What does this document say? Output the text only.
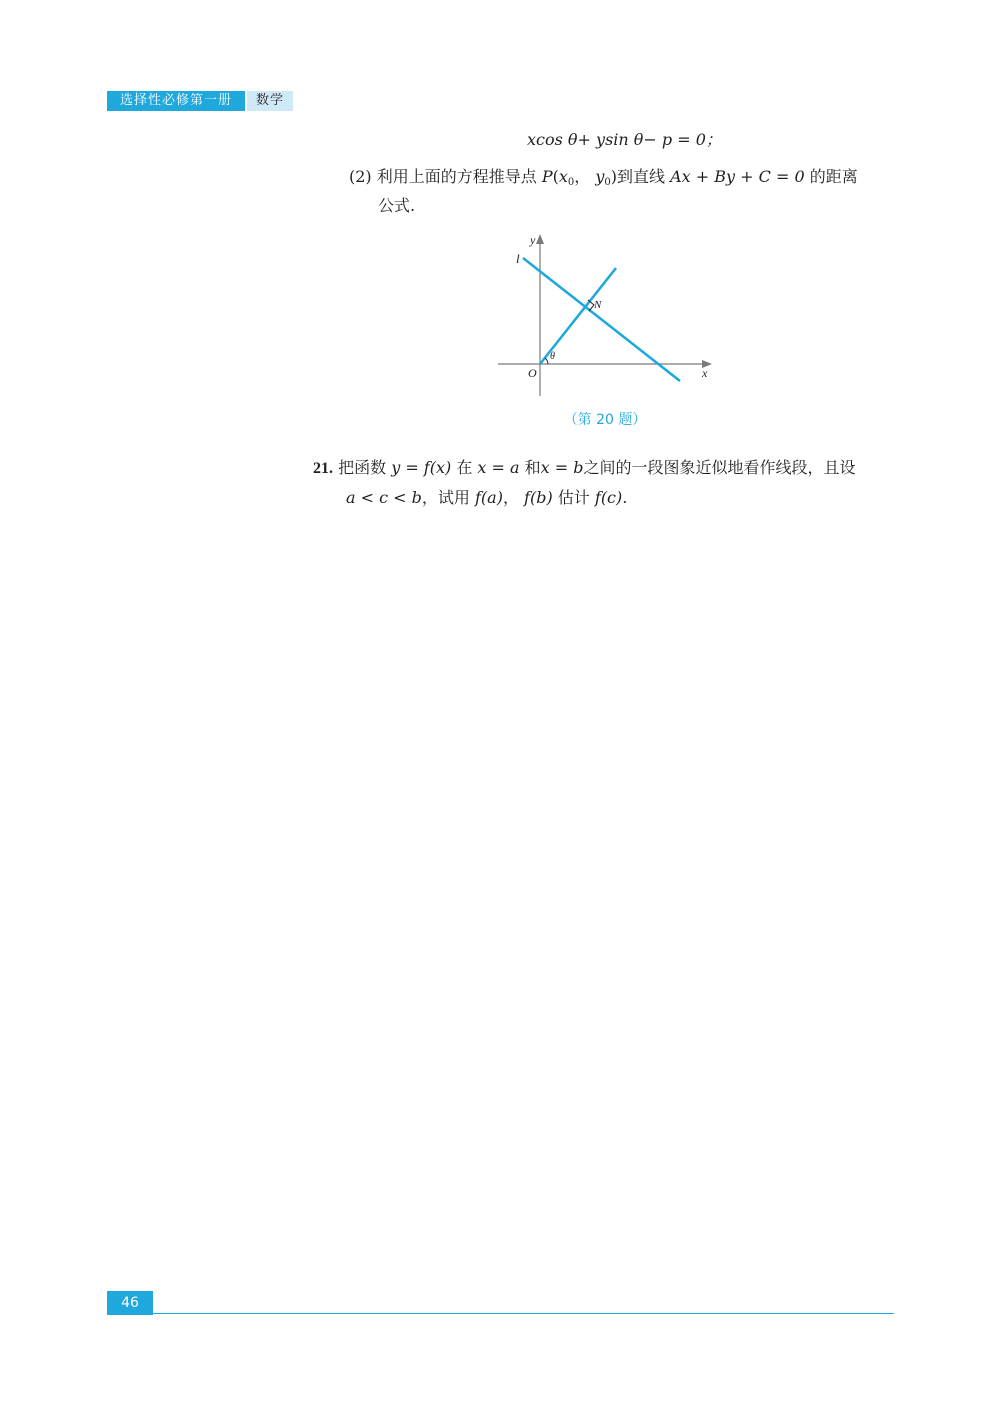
选择性必修第一册	数学
xcos θ+ ysin θ− p = 0；
(2) 利用上面的方程推导点 $P(x_0$， $y_0$)到直线 Ax + By + C = 0 的距离
公式.
y
l
N
θ
O	x
（第 20 题）
21. 把函数 y = f(x) 在 x = a 和x = b之间的一段图象近似地看作线段，且设
a < c < b，试用 f(a)， f(b) 估计 f(c).
46
